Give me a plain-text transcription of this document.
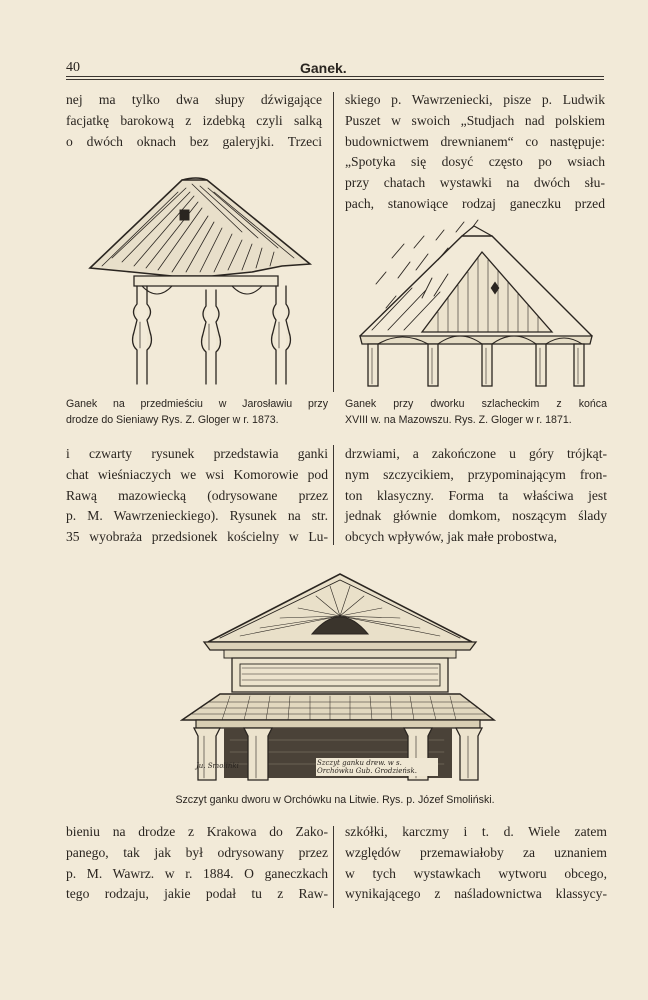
40	Ganek.
nej ma tylko dwa słupy dźwigające
facjatkę barokową z izdebką czyli salką
o dwóch oknach bez galeryjki. Trzeci
skiego p. Wawrzeniecki, pisze p. Ludwik
Puszet w swoich „Studjach nad polskiem
budownictwem drewnianem“ co następuje:
„Spotyka się dosyć często po wsiach
przy chatach wystawki na dwóch słu-
pach, stanowiące rodzaj ganeczku przed
Ganek na przedmieściu w Jarosławiu przy
drodze do Sieniawy Rys. Z. Gloger w r. 1873.
Ganek przy dworku szlacheckim z końca
XVIII w. na Mazowszu. Rys. Z. Gloger w r. 1871.
i czwarty rysunek przedstawia ganki
chat wieśniaczych we wsi Komorowie pod
Rawą mazowiecką (odrysowane przez
p. M. Wawrzenieckiego). Rysunek na str.
35 wyobraża przedsionek kościelny w Lu-
drzwiami, a zakończone u góry trójkąt-
nym szczycikiem, przypominającym fron-
ton klasyczny. Forma ta właściwa jest
jednak głównie domkom, noszącym ślady
obcych wpływów, jak małe probostwa,
Ju. Smolińki	Szczyt ganku drew. w s. Orchówku Gub. Grodzieńsk.
Szczyt ganku dworu w Orchówku na Litwie. Rys. p. Józef Smoliński.
bieniu na drodze z Krakowa do Zako-
panego, tak jak był odrysowany przez
p. M. Wawrz. w r. 1884. O ganeczkach
tego rodzaju, jakie podał tu z Raw-
szkółki, karczmy i t. d. Wiele zatem
względów przemawiałoby za uznaniem
w tych wystawkach wytworu obcego,
wynikającego z naśladownictwa klassycy-
